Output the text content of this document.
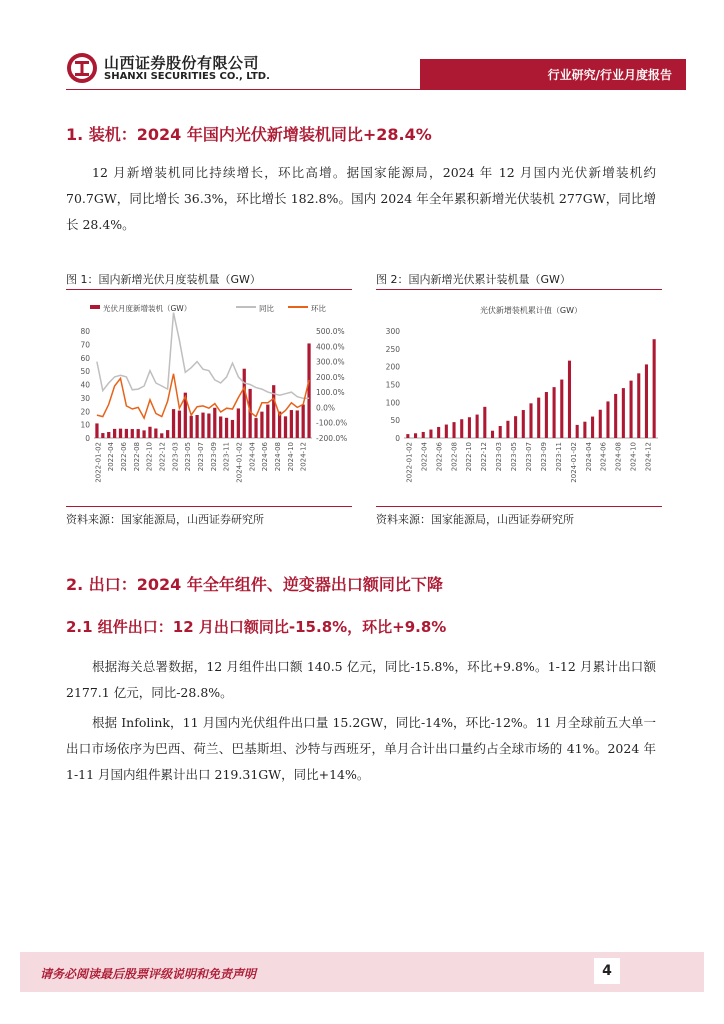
山西证券股份有限公司
SHANXI SECURITIES CO., LTD.	行业研究/行业月度报告
1. 装机：2024 年国内光伏新增装机同比+28.4%
12 月新增装机同比持续增长，环比高增。据国家能源局，2024 年 12 月国内光伏新增装机约 70.7GW，同比增长 36.3%，环比增长 182.8%。国内 2024 年全年累积新增光伏装机 277GW，同比增长 28.4%。
图 1：国内新增光伏月度装机量（GW）
光伏月度新增装机（GW）	同比	环比
0
10
20
30
40
50
60
70
80	500.0%
400.0%
300.0%
200.0%
100.0%
0.0%
-100.0%
-200.0%
2022-01-02 2022-04 2022-06 2022-08 2022-10 2022-12 2023-03 2023-05 2023-07 2023-09 2023-11 2024-01-02 2024-04 2024-06 2024-08 2024-10 2024-12
资料来源：国家能源局，山西证券研究所
图 2：国内新增光伏累计装机量（GW）
光伏新增装机累计值（GW）
0
50
100
150
200
250
300
2022-01-02 2022-04 2022-06 2022-08 2022-10 2022-12 2023-03 2023-05 2023-07 2023-09 2023-11 2024-01-02 2024-04 2024-06 2024-08 2024-10 2024-12
资料来源：国家能源局，山西证券研究所
2. 出口：2024 年全年组件、逆变器出口额同比下降
2.1 组件出口：12 月出口额同比-15.8%，环比+9.8%
根据海关总署数据，12 月组件出口额 140.5 亿元，同比-15.8%，环比+9.8%。1-12 月累计出口额 2177.1 亿元，同比-28.8%。
根据 Infolink，11 月国内光伏组件出口量 15.2GW，同比-14%，环比-12%。11 月全球前五大单一出口市场依序为巴西、荷兰、巴基斯坦、沙特与西班牙，单月合计出口量约占全球市场的 41%。2024 年 1-11 月国内组件累计出口 219.31GW，同比+14%。
请务必阅读最后股票评级说明和免责声明	4
